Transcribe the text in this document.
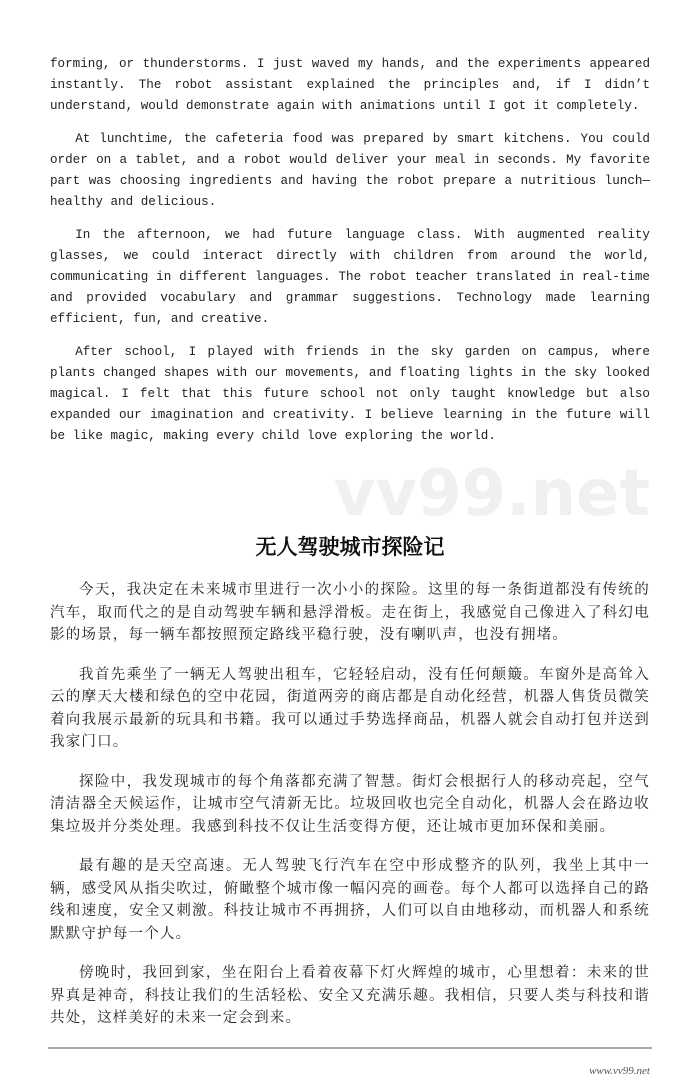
forming, or thunderstorms. I just waved my hands, and the experiments appeared instantly. The robot assistant explained the principles and, if I didn’t understand, would demonstrate again with animations until I got it completely.

At lunchtime, the cafeteria food was prepared by smart kitchens. You could order on a tablet, and a robot would deliver your meal in seconds. My favorite part was choosing ingredients and having the robot prepare a nutritious lunch—healthy and delicious.

In the afternoon, we had future language class. With augmented reality glasses, we could interact directly with children from around the world, communicating in different languages. The robot teacher translated in real-time and provided vocabulary and grammar suggestions. Technology made learning efficient, fun, and creative.

After school, I played with friends in the sky garden on campus, where plants changed shapes with our movements, and floating lights in the sky looked magical. I felt that this future school not only taught knowledge but also expanded our imagination and creativity. I believe learning in the future will be like magic, making every child love exploring the world.

vv99.net
无人驾驶城市探险记

今天，我决定在未来城市里进行一次小小的探险。这里的每一条街道都没有传统的汽车，取而代之的是自动驾驶车辆和悬浮滑板。走在街上，我感觉自己像进入了科幻电影的场景，每一辆车都按照预定路线平稳行驶，没有喇叭声，也没有拥堵。

我首先乘坐了一辆无人驾驶出租车，它轻轻启动，没有任何颠簸。车窗外是高耸入云的摩天大楼和绿色的空中花园，街道两旁的商店都是自动化经营，机器人售货员微笑着向我展示最新的玩具和书籍。我可以通过手势选择商品，机器人就会自动打包并送到我家门口。

探险中，我发现城市的每个角落都充满了智慧。街灯会根据行人的移动亮起，空气清洁器全天候运作，让城市空气清新无比。垃圾回收也完全自动化，机器人会在路边收集垃圾并分类处理。我感到科技不仅让生活变得方便，还让城市更加环保和美丽。

最有趣的是天空高速。无人驾驶飞行汽车在空中形成整齐的队列，我坐上其中一辆，感受风从指尖吹过，俯瞰整个城市像一幅闪亮的画卷。每个人都可以选择自己的路线和速度，安全又刺激。科技让城市不再拥挤，人们可以自由地移动，而机器人和系统默默守护每一个人。

傍晚时，我回到家，坐在阳台上看着夜幕下灯火辉煌的城市，心里想着：未来的世界真是神奇，科技让我们的生活轻松、安全又充满乐趣。我相信，只要人类与科技和谐共处，这样美好的未来一定会到来。

www.vv99.net
